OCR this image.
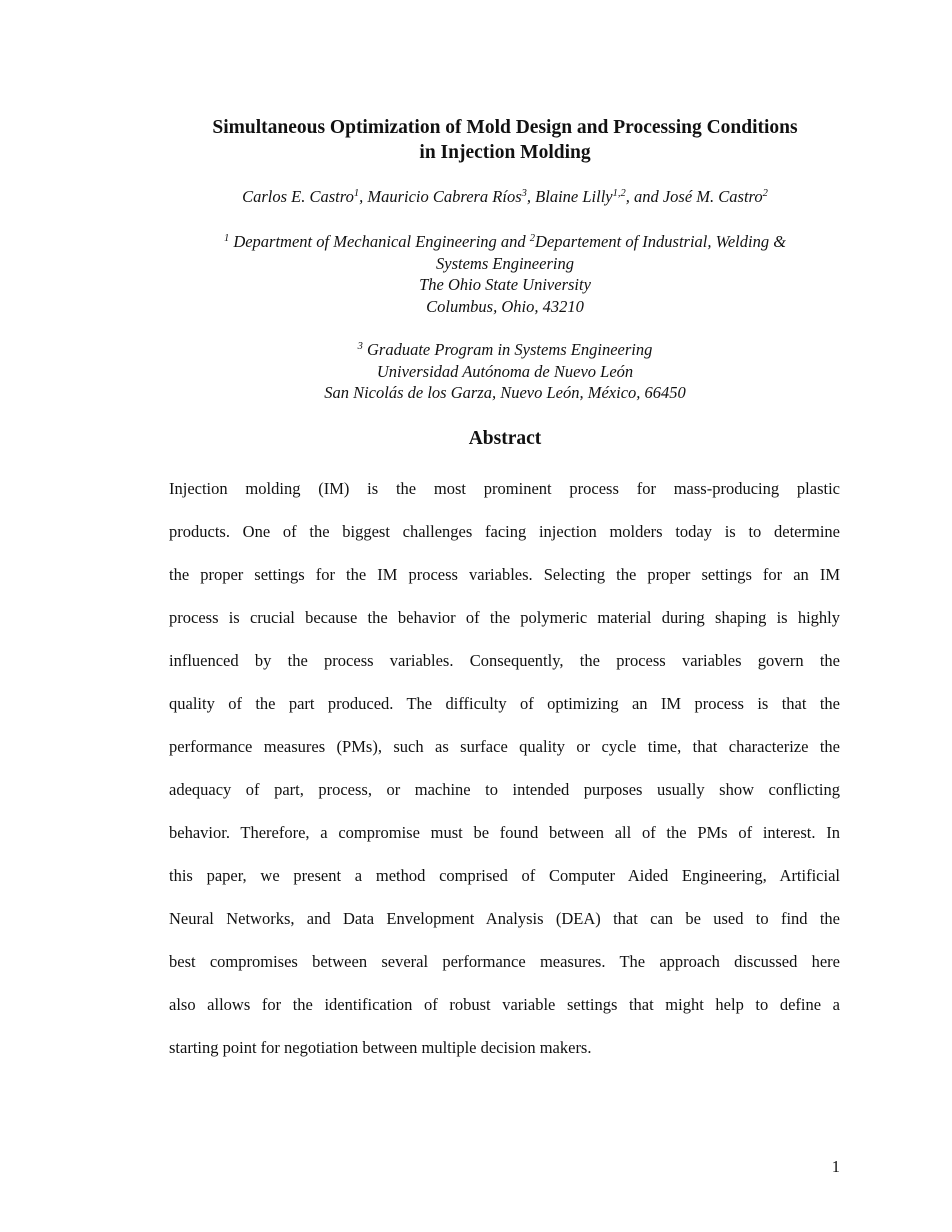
Simultaneous Optimization of Mold Design and Processing Conditions
in Injection Molding
Carlos E. Castro$^1$, Mauricio Cabrera Ríos$^3$, Blaine Lilly$^{1,2}$, and José M. Castro$^2$
$^1$ Department of Mechanical Engineering and $^2$Departement of Industrial, Welding &
Systems Engineering
The Ohio State University
Columbus, Ohio, 43210
$^3$ Graduate Program in Systems Engineering
Universidad Autónoma de Nuevo León
San Nicolás de los Garza, Nuevo León, México, 66450
Abstract
Injection molding (IM) is the most prominent process for mass-producing plastic
products. One of the biggest challenges facing injection molders today is to determine
the proper settings for the IM process variables. Selecting the proper settings for an IM
process is crucial because the behavior of the polymeric material during shaping is highly
influenced by the process variables. Consequently, the process variables govern the
quality of the part produced. The difficulty of optimizing an IM process is that the
performance measures (PMs), such as surface quality or cycle time, that characterize the
adequacy of part, process, or machine to intended purposes usually show conflicting
behavior. Therefore, a compromise must be found between all of the PMs of interest. In
this paper, we present a method comprised of Computer Aided Engineering, Artificial
Neural Networks, and Data Envelopment Analysis (DEA) that can be used to find the
best compromises between several performance measures. The approach discussed here
also allows for the identification of robust variable settings that might help to define a
starting point for negotiation between multiple decision makers.
1
